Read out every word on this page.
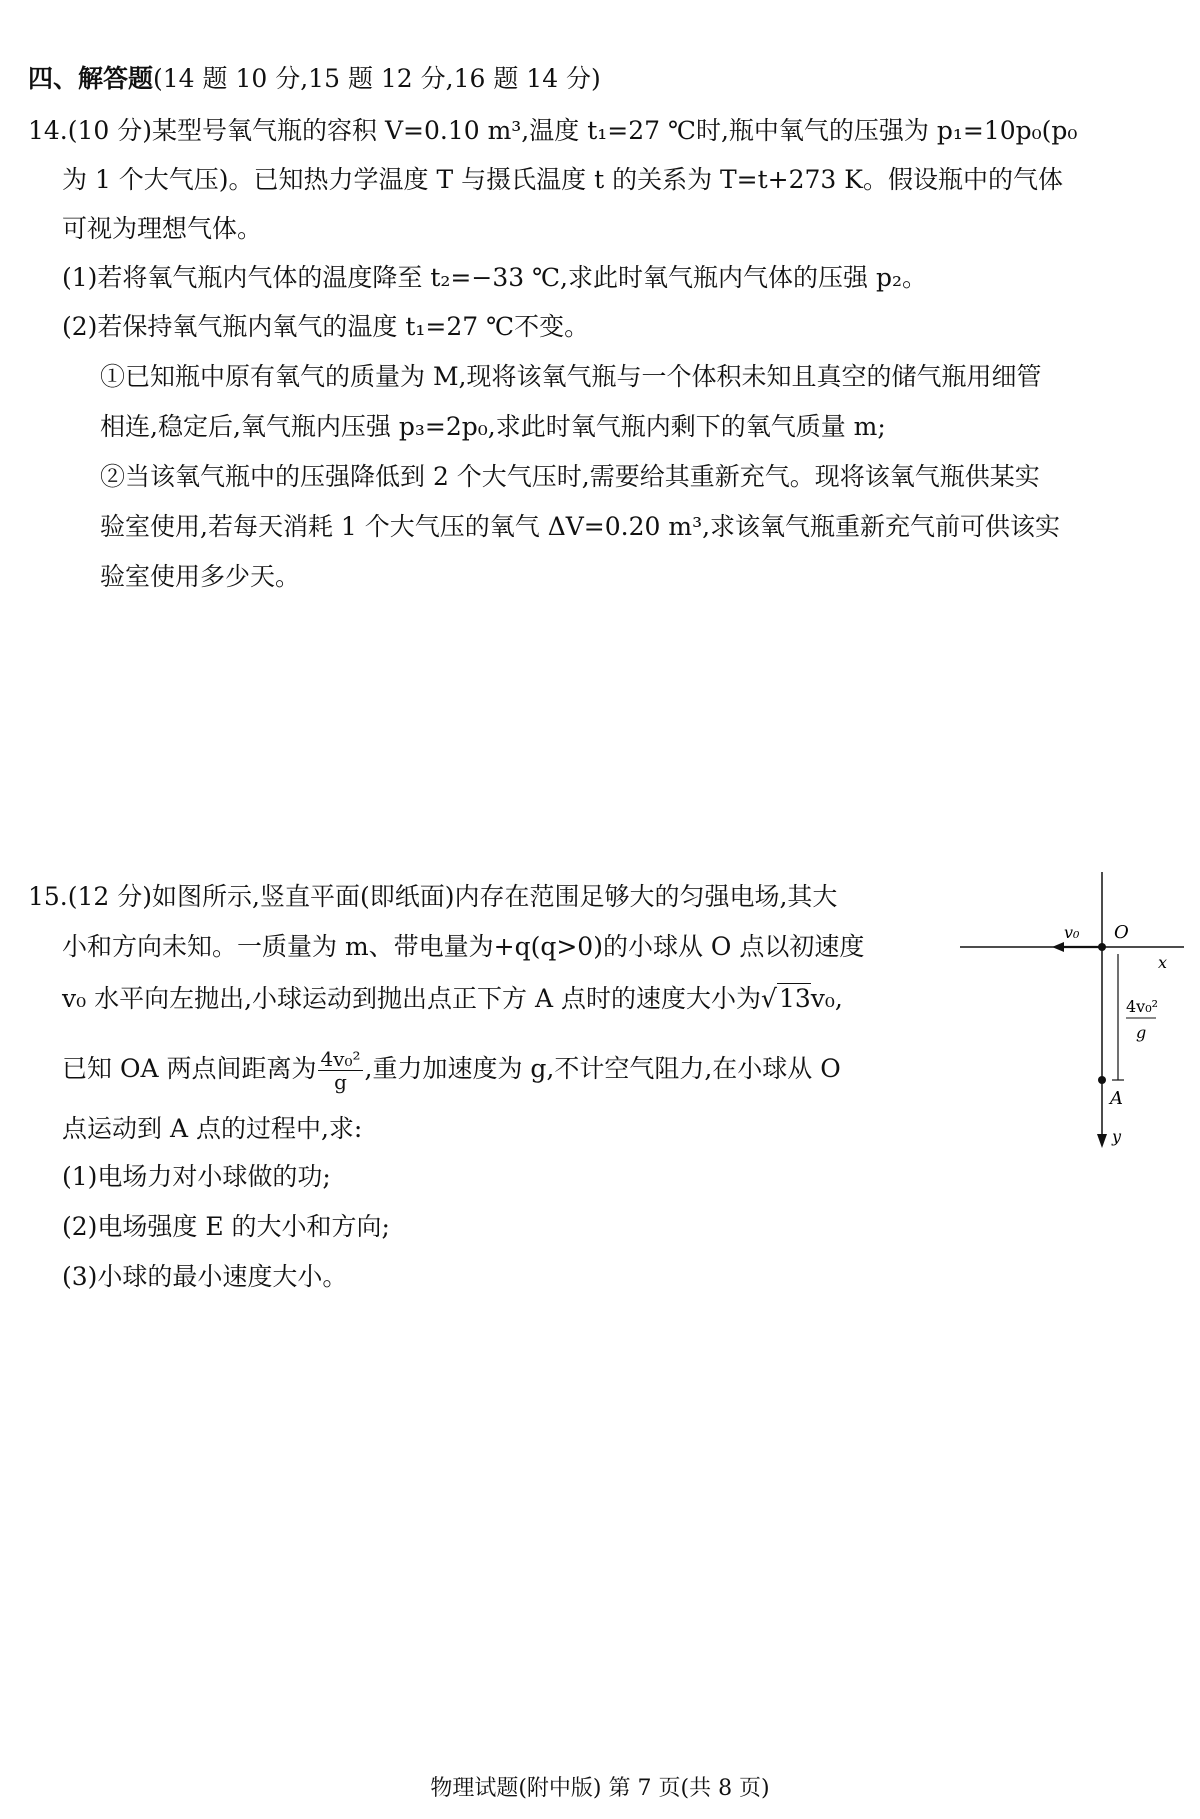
四、解答题(14 题 10 分,15 题 12 分,16 题 14 分)
14.(10 分)某型号氧气瓶的容积 V=0.10 m³,温度 t₁=27 ℃时,瓶中氧气的压强为 p₁=10p₀(p₀
为 1 个大气压)。已知热力学温度 T 与摄氏温度 t 的关系为 T=t+273 K。假设瓶中的气体
可视为理想气体。
(1)若将氧气瓶内气体的温度降至 t₂=−33 ℃,求此时氧气瓶内气体的压强 p₂。
(2)若保持氧气瓶内氧气的温度 t₁=27 ℃不变。
①已知瓶中原有氧气的质量为 M,现将该氧气瓶与一个体积未知且真空的储气瓶用细管
相连,稳定后,氧气瓶内压强 p₃=2p₀,求此时氧气瓶内剩下的氧气质量 m;
②当该氧气瓶中的压强降低到 2 个大气压时,需要给其重新充气。现将该氧气瓶供某实
验室使用,若每天消耗 1 个大气压的氧气 ΔV=0.20 m³,求该氧气瓶重新充气前可供该实
验室使用多少天。
15.(12 分)如图所示,竖直平面(即纸面)内存在范围足够大的匀强电场,其大
小和方向未知。一质量为 m、带电量为+q(q>0)的小球从 O 点以初速度
v₀ 水平向左抛出,小球运动到抛出点正下方 A 点时的速度大小为√13v₀,
已知 OA 两点间距离为 $\frac{\text{4v₀²}}{g}$ ,重力加速度为 g,不计空气阻力,在小球从 O
点运动到 A 点的过程中,求:
(1)电场力对小球做的功;
(2)电场强度 E 的大小和方向;
(3)小球的最小速度大小。
v₀ O
x
4v₀²
g
A
y
物理试题(附中版) 第 7 页(共 8 页)
